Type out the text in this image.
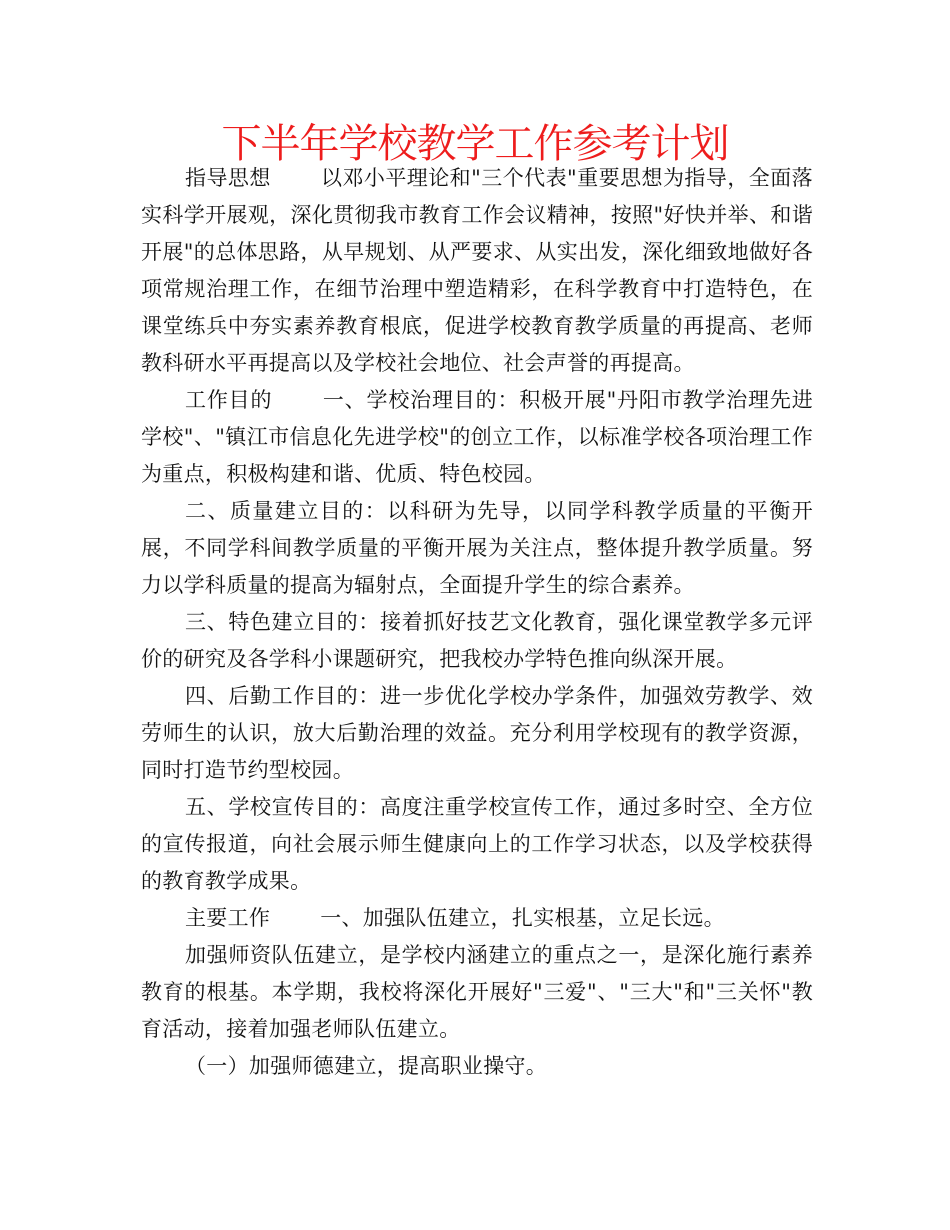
下半年学校教学工作参考计划

指导思想 以邓小平理论和"三个代表"重要思想为指导，全面落实科学开展观，深化贯彻我市教育工作会议精神，按照"好快并举、和谐开展"的总体思路，从早规划、从严要求、从实出发，深化细致地做好各项常规治理工作，在细节治理中塑造精彩，在科学教育中打造特色，在课堂练兵中夯实素养教育根底，促进学校教育教学质量的再提高、老师教科研水平再提高以及学校社会地位、社会声誉的再提高。

工作目的 一、学校治理目的：积极开展"丹阳市教学治理先进学校"、"镇江市信息化先进学校"的创立工作，以标准学校各项治理工作为重点，积极构建和谐、优质、特色校园。

二、质量建立目的：以科研为先导，以同学科教学质量的平衡开展，不同学科间教学质量的平衡开展为关注点，整体提升教学质量。努力以学科质量的提高为辐射点，全面提升学生的综合素养。

三、特色建立目的：接着抓好技艺文化教育，强化课堂教学多元评价的研究及各学科小课题研究，把我校办学特色推向纵深开展。

四、后勤工作目的：进一步优化学校办学条件，加强效劳教学、效劳师生的认识，放大后勤治理的效益。充分利用学校现有的教学资源，同时打造节约型校园。

五、学校宣传目的：高度注重学校宣传工作，通过多时空、全方位的宣传报道，向社会展示师生健康向上的工作学习状态，以及学校获得的教育教学成果。

主要工作 一、加强队伍建立，扎实根基，立足长远。

加强师资队伍建立，是学校内涵建立的重点之一，是深化施行素养教育的根基。本学期，我校将深化开展好"三爱"、"三大"和"三关怀"教育活动，接着加强老师队伍建立。

（一）加强师德建立，提高职业操守。
